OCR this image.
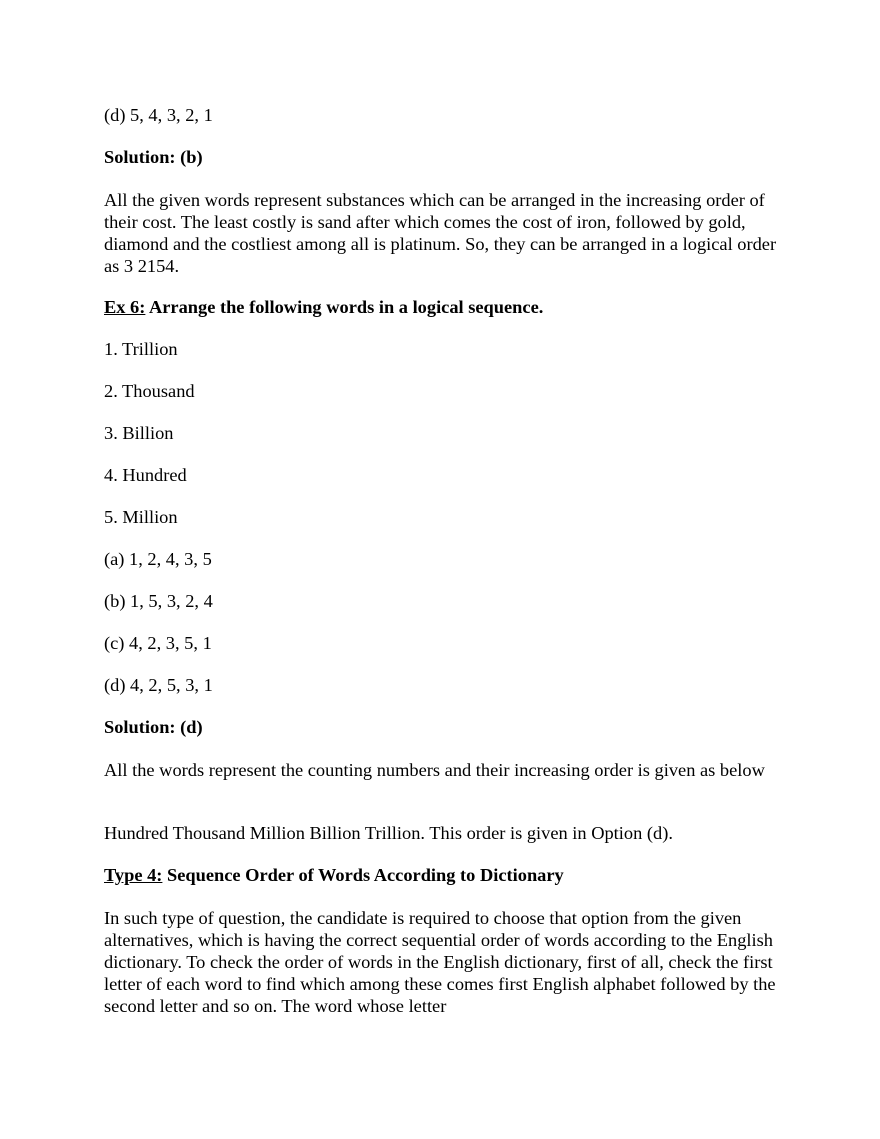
(d) 5, 4, 3, 2, 1
Solution: (b)
All the given words represent substances which can be arranged in the increasing order of their cost. The least costly is sand after which comes the cost of iron, followed by gold, diamond and the costliest among all is platinum. So, they can be arranged in a logical order as 3 2154.
Ex 6: Arrange the following words in a logical sequence.
1. Trillion
2. Thousand
3. Billion
4. Hundred
5. Million
(a) 1, 2, 4, 3, 5
(b) 1, 5, 3, 2, 4
(c) 4, 2, 3, 5, 1
(d) 4, 2, 5, 3, 1
Solution: (d)
All the words represent the counting numbers and their increasing order is given as below
Hundred Thousand Million Billion Trillion. This order is given in Option (d).
Type 4: Sequence Order of Words According to Dictionary
In such type of question, the candidate is required to choose that option from the given alternatives, which is having the correct sequential order of words according to the English dictionary. To check the order of words in the English dictionary, first of all, check the first letter of each word to find which among these comes first English alphabet followed by the second letter and so on. The word whose letter
